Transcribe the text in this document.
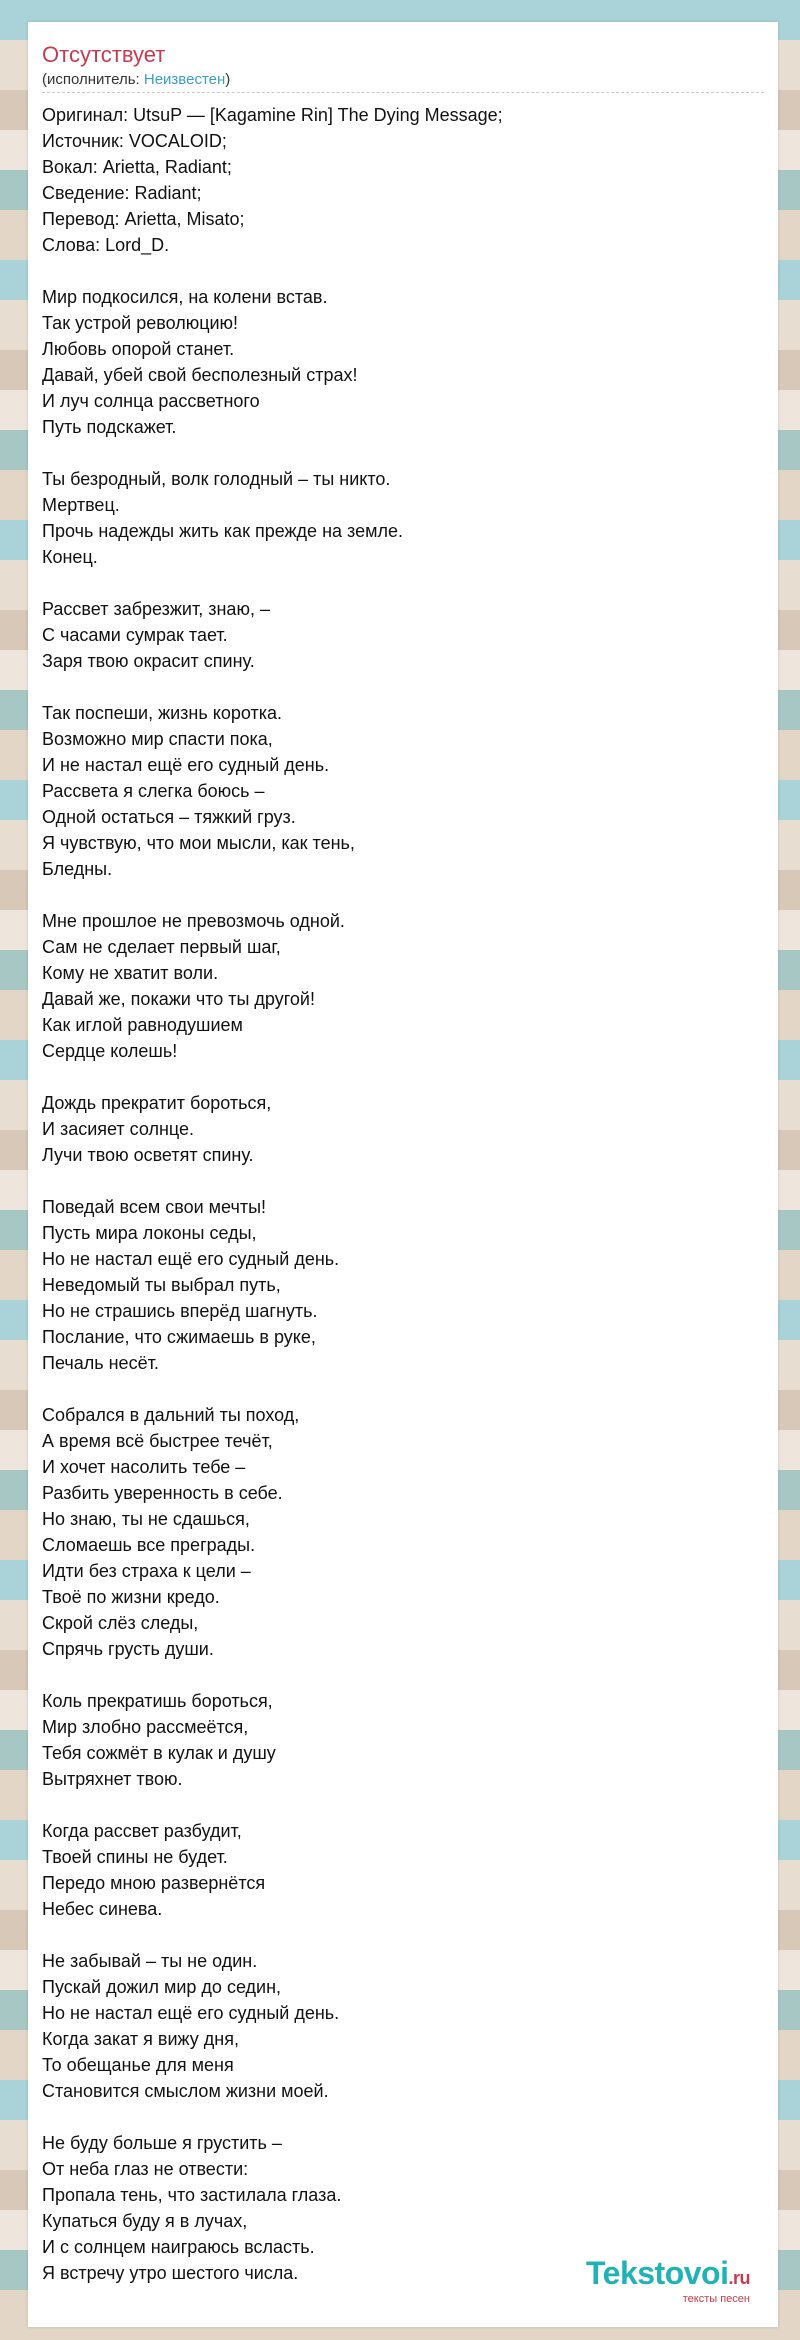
Отсутствует
(исполнитель: Неизвестен)
Оригинал: UtsuP — [Kagamine Rin] The Dying Message;
Источник: VOCALOID;
Вокал: Arietta, Radiant;
Сведение: Radiant;
Перевод: Arietta, Misato;
Слова: Lord_D.
Мир подкосился, на колени встав.
Так устрой революцию!
Любовь опорой станет.
Давай, убей свой бесполезный страх!
И луч солнца рассветного
Путь подскажет.
Ты безродный, волк голодный – ты никто.
Мертвец.
Прочь надежды жить как прежде на земле.
Конец.
Рассвет забрезжит, знаю, –
С часами сумрак тает.
Заря твою окрасит спину.
Так поспеши, жизнь коротка.
Возможно мир спасти пока,
И не настал ещё его судный день.
Рассвета я слегка боюсь –
Одной остаться – тяжкий груз.
Я чувствую, что мои мысли, как тень,
Бледны.
Мне прошлое не превозмочь одной.
Сам не сделает первый шаг,
Кому не хватит воли.
Давай же, покажи что ты другой!
Как иглой равнодушием
Сердце колешь!
Дождь прекратит бороться,
И засияет солнце.
Лучи твою осветят спину.
Поведай всем свои мечты!
Пусть мира локоны седы,
Но не настал ещё его судный день.
Неведомый ты выбрал путь,
Но не страшись вперёд шагнуть.
Послание, что сжимаешь в руке,
Печаль несёт.
Собрался в дальний ты поход,
А время всё быстрее течёт,
И хочет насолить тебе –
Разбить уверенность в себе.
Но знаю, ты не сдашься,
Сломаешь все преграды.
Идти без страха к цели –
Твоё по жизни кредо.
Скрой слёз следы,
Спрячь грусть души.
Коль прекратишь бороться,
Мир злобно рассмеётся,
Тебя сожмёт в кулак и душу
Вытряхнет твою.
Когда рассвет разбудит,
Твоей спины не будет.
Передо мною развернётся
Небес синева.
Не забывай – ты не один.
Пускай дожил мир до седин,
Но не настал ещё его судный день.
Когда закат я вижу дня,
То обещанье для меня
Становится смыслом жизни моей.
Не буду больше я грустить –
От неба глаз не отвести:
Пропала тень, что застилала глаза.
Купаться буду я в лучах,
И с солнцем наиграюсь всласть.
Я встречу утро шестого числа.	Tekstovoi.ru
тексты песен
